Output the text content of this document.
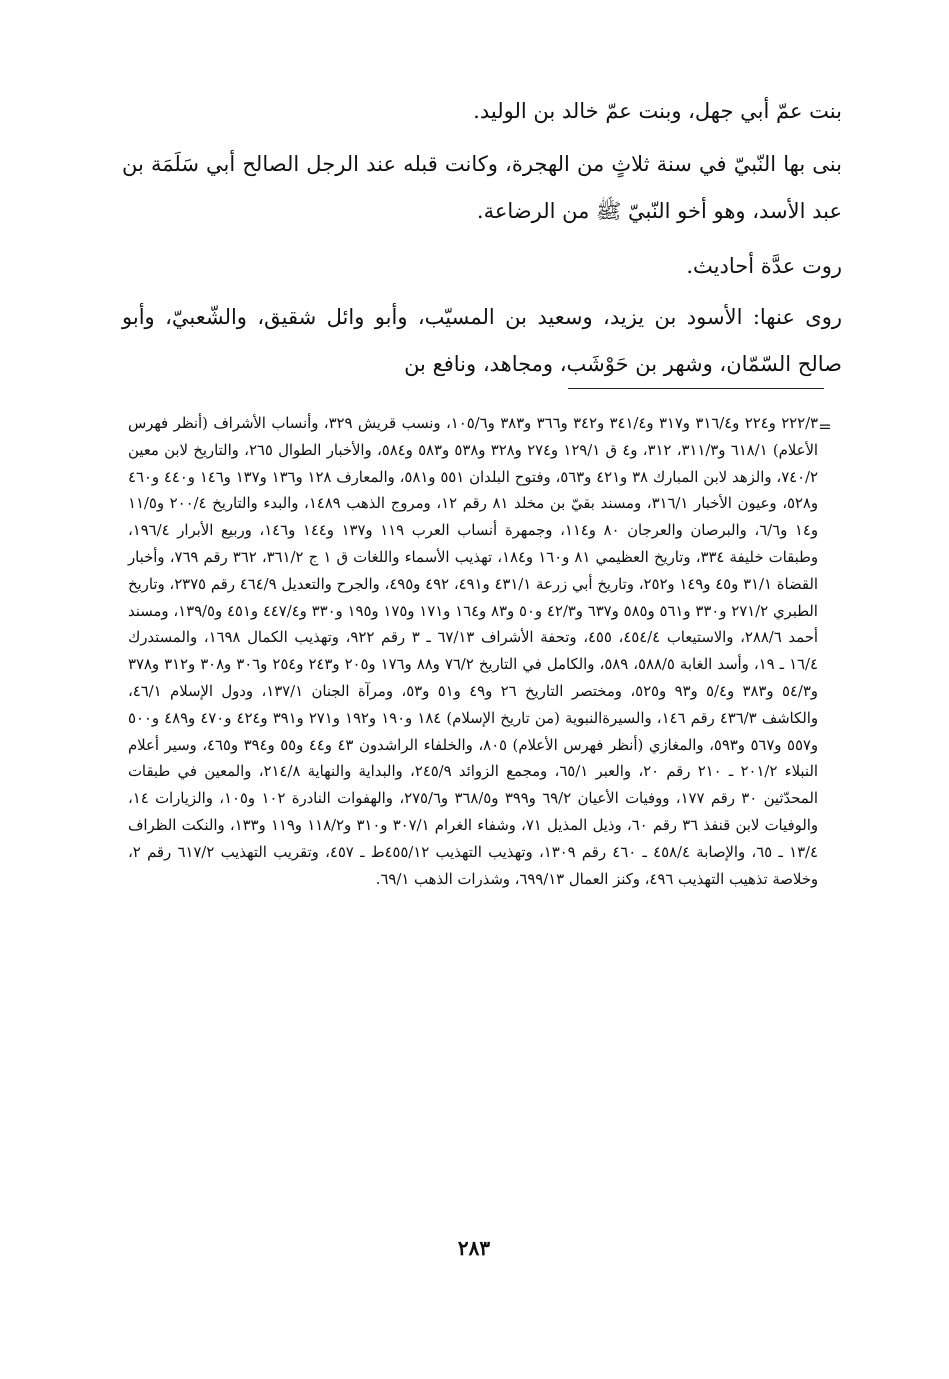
بنت عمّ أبي جهل، وبنت عمّ خالد بن الوليد.

بنى بها النّبيّ في سنة ثلاثٍ من الهجرة، وكانت قبله عند الرجل الصالح أبي سَلَمَة بن عبد الأسد، وهو أخو النّبيّ ﷺ من الرضاعة.

روت عدَّة أحاديث.

روى عنها: الأسود بن يزيد، وسعيد بن المسيّب، وأبو وائل شقيق، والشّعبيّ، وأبو صالح السّمّان، وشهر بن حَوْشَب، ومجاهد، ونافع بن

=

٢٢٢/٣ و٢٢٤ و٣١٦/٤ و٣١٧ و٣٤١/٤ و٣٤٢ و٣٦٦ و٣٨٣ و١٠٥/٦، ونسب قريش ٣٢٩، وأنساب الأشراف (أنظر فهرس الأعلام) ٦١٨/١ و٣١١/٣، ٣١٢، و٤ ق ١٢٩/١ و٢٧٤ و٣٢٨ و٥٣٨ و٥٨٣ و٥٨٤، والأخبار الطوال ٢٦٥، والتاريخ لابن معين ٧٤٠/٢، والزهد لابن المبارك ٣٨ و٤٢١ و٥٦٣، وفتوح البلدان ٥٥١ و٥٨١، والمعارف ١٢٨ و١٣٦ و١٣٧ و١٤٦ و٤٤٠ و٤٦٠ و٥٢٨، وعيون الأخبار ٣١٦/١، ومسند بقيّ بن مخلد ٨١ رقم ١٢، ومروج الذهب ١٤٨٩، والبدء والتاريخ ٢٠٠/٤ و١١/٥ و١٤ و٦/٦، والبرصان والعرجان ٨٠ و١١٤، وجمهرة أنساب العرب ١١٩ و١٣٧ و١٤٤ و١٤٦، وربيع الأبرار ١٩٦/٤، وطبقات خليفة ٣٣٤، وتاريخ العظيمي ٨١ و١٦٠ و١٨٤، تهذيب الأسماء واللغات ق ١ ج ٣٦١/٢، ٣٦٢ رقم ٧٦٩، وأخبار القضاة ٣١/١ و٤٥ و١٤٩ و٢٥٢، وتاريخ أبي زرعة ٤٣١/١ و٤٩١، ٤٩٢ و٤٩٥، والجرح والتعديل ٤٦٤/٩ رقم ٢٣٧٥، وتاريخ الطبري ٢٧١/٢ و٣٣٠ و٥٦١ و٥٨٥ و٦٣٧ و٤٢/٣ و٥٠ و٨٣ و١٦٤ و١٧١ و١٧٥ و١٩٥ و٣٣٠ و٤٤٧/٤ و٤٥١ و١٣٩/٥، ومسند أحمد ٢٨٨/٦، والاستيعاب ٤٥٤/٤، ٤٥٥، وتحفة الأشراف ٦٧/١٣ ـ ٣ رقم ٩٢٢، وتهذيب الكمال ١٦٩٨، والمستدرك ١٦/٤ ـ ١٩، وأسد الغابة ٥٨٨/٥، ٥٨٩، والكامل في التاريخ ٧٦/٢ و٨٨ و١٧٦ و٢٠٥ و٢٤٣ و٢٥٤ و٣٠٦ و٣٠٨ و٣١٢ و٣٧٨ و٥٤/٣ و٣٨٣ و٥/٤ و٩٣ و٥٢٥، ومختصر التاريخ ٢٦ و٤٩ و٥١ و٥٣، ومرآة الجنان ١٣٧/١، ودول الإسلام ٤٦/١، والكاشف ٤٣٦/٣ رقم ١٤٦، والسيرةالنبوية (من تاريخ الإسلام) ١٨٤ و١٩٠ و١٩٢ و٢٧١ و٣٩١ و٤٢٤ و٤٧٠ و٤٨٩ و٥٠٠ و٥٥٧ و٥٦٧ و٥٩٣، والمغازي (أنظر فهرس الأعلام) ٨٠٥، والخلفاء الراشدون ٤٣ و٤٤ و٥٥ و٣٩٤ و٤٦٥، وسير أعلام النبلاء ٢٠١/٢ ـ ٢١٠ رقم ٢٠، والعبر ٦٥/١، ومجمع الزوائد ٢٤٥/٩، والبداية والنهاية ٢١٤/٨، والمعين في طبقات المحدّثين ٣٠ رقم ١٧٧، ووفيات الأعيان ٦٩/٢ و٣٩٩ و٣٦٨/٥ و٢٧٥/٦، والهفوات النادرة ١٠٢ و١٠٥، والزيارات ١٤، والوفيات لابن قنفذ ٣٦ رقم ٦٠، وذيل المذيل ٧١، وشفاء الغرام ٣٠٧/١ و٣١٠ و١١٨/٢ و١١٩ و١٣٣، والنكت الظراف ١٣/٤ ـ ٦٥، والإصابة ٤٥٨/٤ ـ ٤٦٠ رقم ١٣٠٩، وتهذيب التهذيب ٤٥٥/١٢ط ـ ٤٥٧، وتقريب التهذيب ٦١٧/٢ رقم ٢، وخلاصة تذهيب التهذيب ٤٩٦، وكنز العمال ٦٩٩/١٣، وشذرات الذهب ٦٩/١.

٢٨٣
